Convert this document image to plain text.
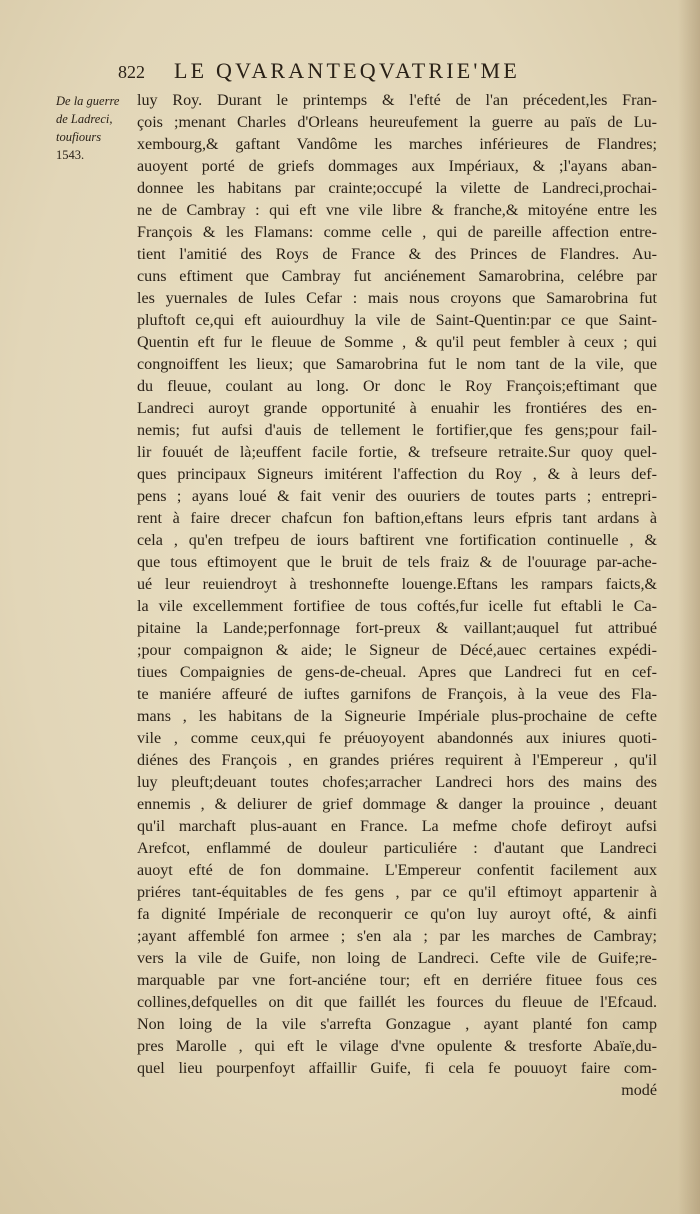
822 LE QVARANTEQVATRIE'ME
De la guerre
de Ladreci,
toufiours
1543.
luy Roy. Durant le printemps & l'efté de l'an précedent,les Fran-
çois ;menant Charles d'Orleans heureufement la guerre au païs de Lu-
xembourg,& gaftant Vandôme les marches inférieures de Flandres;
auoyent porté de griefs dommages aux Impériaux, & ;l'ayans aban-
donnee les habitans par crainte;occupé la vilette de Landreci,prochai-
ne de Cambray : qui eft vne vile libre & franche,& mitoyéne entre les
François & les Flamans: comme celle , qui de pareille affection entre-
tient l'amitié des Roys de France & des Princes de Flandres. Au-
cuns eftiment que Cambray fut anciénement Samarobrina, celébre par
les yuernales de Iules Cefar : mais nous croyons que Samarobrina fut
pluftoft ce,qui eft auiourdhuy la vile de Saint-Quentin:par ce que Saint-
Quentin eft fur le fleuue de Somme , & qu'il peut fembler à ceux ; qui
congnoiffent les lieux; que Samarobrina fut le nom tant de la vile, que
du fleuue, coulant au long. Or donc le Roy François;eftimant que
Landreci auroyt grande opportunité à enuahir les frontiéres des en-
nemis; fut aufsi d'auis de tellement le fortifier,que fes gens;pour fail-
lir fouuét de là;euffent facile fortie, & trefseure retraite.Sur quoy quel-
ques principaux Signeurs imitérent l'affection du Roy , & à leurs def-
pens ; ayans loué & fait venir des ouuriers de toutes parts ; entrepri-
rent à faire drecer chafcun fon baftion,eftans leurs efpris tant ardans à
cela , qu'en trefpeu de iours baftirent vne fortification continuelle , &
que tous eftimoyent que le bruit de tels fraiz & de l'ouurage par-ache-
ué leur reuiendroyt à treshonnefte louenge.Eftans les rampars faicts,&
la vile excellemment fortifiee de tous coftés,fur icelle fut eftabli le Ca-
pitaine la Lande;perfonnage fort-preux & vaillant;auquel fut attribué
;pour compaignon & aide; le Signeur de Décé,auec certaines expédi-
tiues Compaignies de gens-de-cheual. Apres que Landreci fut en cef-
te maniére affeuré de iuftes garnifons de François, à la veue des Fla-
mans , les habitans de la Signeurie Impériale plus-prochaine de cefte
vile , comme ceux,qui fe préuoyoyent abandonnés aux iniures quoti-
diénes des François , en grandes priéres requirent à l'Empereur , qu'il
luy pleuft;deuant toutes chofes;arracher Landreci hors des mains des
ennemis , & deliurer de grief dommage & danger la prouince , deuant
qu'il marchaft plus-auant en France. La mefme chofe defiroyt aufsi
Arefcot, enflammé de douleur particuliére : d'autant que Landreci
auoyt efté de fon dommaine. L'Empereur confentit facilement aux
priéres tant-équitables de fes gens , par ce qu'il eftimoyt appartenir à
fa dignité Impériale de reconquerir ce qu'on luy auroyt ofté, & ainfi
;ayant affemblé fon armee ; s'en ala ; par les marches de Cambray;
vers la vile de Guife, non loing de Landreci. Cefte vile de Guife;re-
marquable par vne fort-anciéne tour; eft en derriére fituee fous ces
collines,defquelles on dit que faillét les fources du fleuue de l'Efcaud.
Non loing de la vile s'arrefta Gonzague , ayant planté fon camp
pres Marolle , qui eft le vilage d'vne opulente & tresforte Abaïe,du-
quel lieu pourpenfoyt affaillir Guife, fi cela fe pouuoyt faire com-
modé
